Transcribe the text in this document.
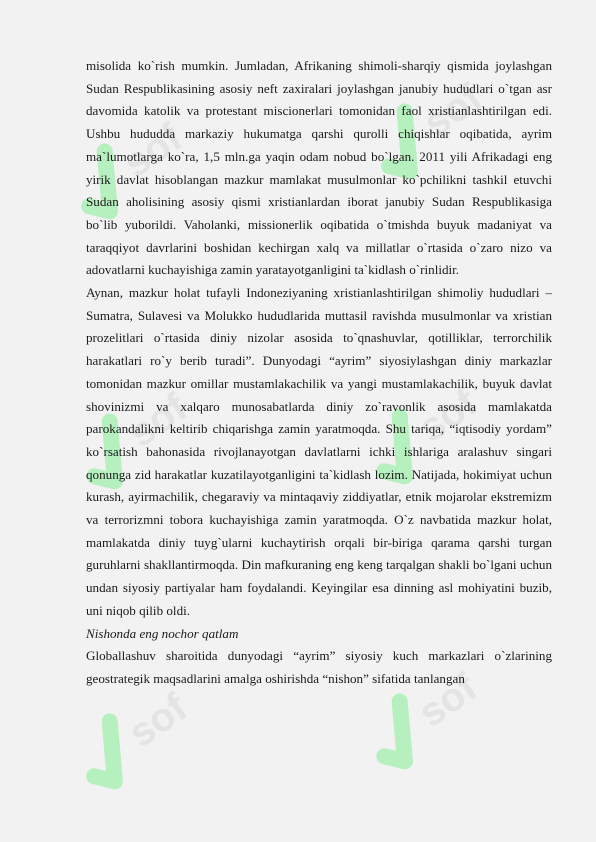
sof
sof
sof	sof
sof	sof

misolida ko`rish mumkin. Jumladan, Afrikaning shimoli-sharqiy qismida joylashgan Sudan Respublikasining asosiy neft zaxiralari joylashgan janubiy hududlari o`tgan asr davomida katolik va protestant miscionerlari tomonidan faol xristianlashtirilgan edi. Ushbu hududda markaziy hukumatga qarshi qurolli chiqishlar oqibatida, ayrim ma`lumotlarga ko`ra, 1,5 mln.ga yaqin odam nobud bo`lgan. 2011 yili Afrikadagi eng yirik davlat hisoblangan mazkur mamlakat musulmonlar ko`pchilikni tashkil etuvchi Sudan aholisining asosiy qismi xristianlardan iborat janubiy Sudan Respublikasiga bo`lib yuborildi. Vaholanki, missionerlik oqibatida o`tmishda buyuk madaniyat va taraqqiyot davrlarini boshidan kechirgan xalq va millatlar o`rtasida o`zaro nizo va adovatlarni kuchayishiga zamin yaratayotganligini ta`kidlash o`rinlidir.

Aynan, mazkur holat tufayli Indoneziyaning xristianlashtirilgan shimoliy hududlari – Sumatra, Sulavesi va Molukko hududlarida muttasil ravishda musulmonlar va xristian prozelitlari o`rtasida diniy nizolar asosida to`qnashuvlar, qotilliklar, terrorchilik harakatlari ro`y berib turadi”. Dunyodagi “ayrim” siyosiylashgan diniy markazlar tomonidan mazkur omillar mustamlakachilik va yangi mustamlakachilik, buyuk davlat shovinizmi va xalqaro munosabatlarda diniy zo`ravonlik asosida mamlakatda parokandalikni keltirib chiqarishga zamin yaratmoqda. Shu tariqa, “iqtisodiy yordam” ko`rsatish bahonasida rivojlanayotgan davlatlarni ichki ishlariga aralashuv singari qonunga zid harakatlar kuzatilayotganligini ta`kidlash lozim. Natijada, hokimiyat uchun kurash, ayirmachilik, chegaraviy va mintaqaviy ziddiyatlar, etnik mojarolar ekstremizm va terrorizmni tobora kuchayishiga zamin yaratmoqda. O`z navbatida mazkur holat, mamlakatda diniy tuyg`ularni kuchaytirish orqali bir-biriga qarama qarshi turgan guruhlarni shakllantirmoqda. Din mafkuraning eng keng tarqalgan shakli bo`lgani uchun undan siyosiy partiyalar ham foydalandi. Keyingilar esa dinning asl mohiyatini buzib, uni niqob qilib oldi.

Nishonda eng nochor qatlam

Globallashuv sharoitida dunyodagi “ayrim” siyosiy kuch markazlari o`zlarining geostrategik maqsadlarini amalga oshirishda “nishon” sifatida tanlangan
